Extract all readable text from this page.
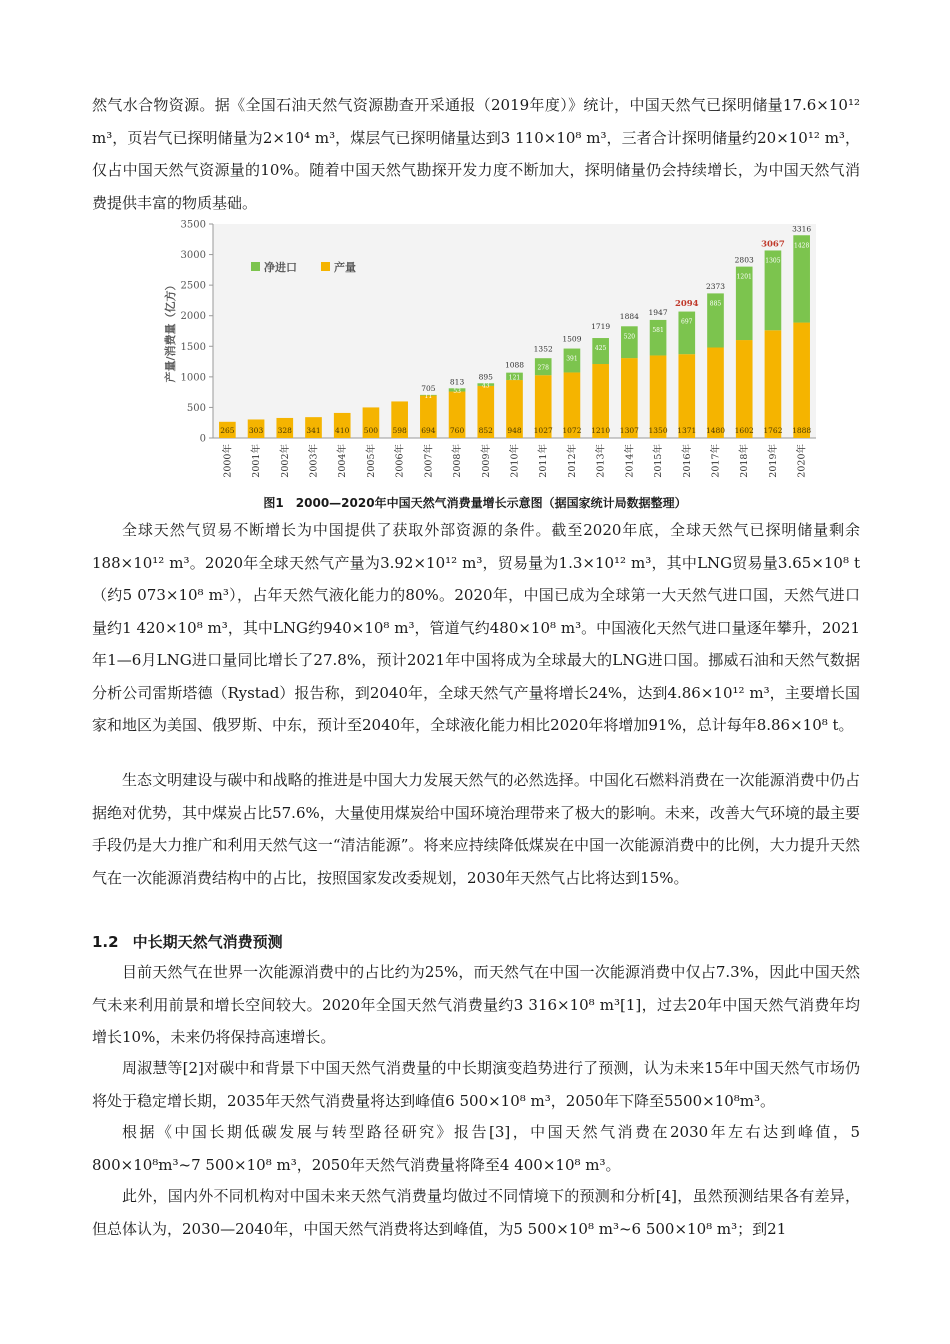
然气水合物资源。据《全国石油天然气资源勘查开采通报（2019年度）》统计，中国天然气已探明储量17.6×10¹² m³，页岩气已探明储量为2×10⁴ m³，煤层气已探明储量达到3 110×10⁸ m³，三者合计探明储量约20×10¹² m³，仅占中国天然气资源量的10%。随着中国天然气勘探开发力度不断加大，探明储量仍会持续增长，为中国天然气消费提供丰富的物质基础。

0
500
1000
1500
2000
2500
3000
3500
产量/消费量（亿方）
265
2000年
303
2001年
328
2002年
341
2003年
410
2004年
500
2005年
598
2006年
694
11
705
2007年
760
53
813
2008年
852
43
895
2009年
948
121
1088
2010年
1027
278
1352
2011年
1072
391
1509
2012年
1210
425
1719
2013年
1307
520
1884
2014年
1350
581
1947
2015年
1371
697
2094
2016年
1480
885
2373
2017年
1602
1201
2803
2018年
1762
1305
3067
2019年
1888
1428
3316
2020年
净进口	产量
图1 2000—2020年中国天然气消费量增长示意图（据国家统计局数据整理）

全球天然气贸易不断增长为中国提供了获取外部资源的条件。截至2020年底，全球天然气已探明储量剩余188×10¹² m³。2020年全球天然气产量为3.92×10¹² m³，贸易量为1.3×10¹² m³，其中LNG贸易量3.65×10⁸ t（约5 073×10⁸ m³），占年天然气液化能力的80%。2020年，中国已成为全球第一大天然气进口国，天然气进口量约1 420×10⁸ m³，其中LNG约940×10⁸ m³，管道气约480×10⁸ m³。中国液化天然气进口量逐年攀升，2021年1—6月LNG进口量同比增长了27.8%，预计2021年中国将成为全球最大的LNG进口国。挪威石油和天然气数据分析公司雷斯塔德（Rystad）报告称，到2040年，全球天然气产量将增长24%，达到4.86×10¹² m³，主要增长国家和地区为美国、俄罗斯、中东，预计至2040年，全球液化能力相比2020年将增加91%，总计每年8.86×10⁸ t。

生态文明建设与碳中和战略的推进是中国大力发展天然气的必然选择。中国化石燃料消费在一次能源消费中仍占据绝对优势，其中煤炭占比57.6%，大量使用煤炭给中国环境治理带来了极大的影响。未来，改善大气环境的最主要手段仍是大力推广和利用天然气这一“清洁能源”。将来应持续降低煤炭在中国一次能源消费中的比例，大力提升天然气在一次能源消费结构中的占比，按照国家发改委规划，2030年天然气占比将达到15%。

1.2 中长期天然气消费预测

目前天然气在世界一次能源消费中的占比约为25%，而天然气在中国一次能源消费中仅占7.3%，因此中国天然气未来利用前景和增长空间较大。2020年全国天然气消费量约3 316×10⁸ m³[1]，过去20年中国天然气消费年均增长10%，未来仍将保持高速增长。

周淑慧等[2]对碳中和背景下中国天然气消费量的中长期演变趋势进行了预测，认为未来15年中国天然气市场仍将处于稳定增长期，2035年天然气消费量将达到峰值6 500×10⁸ m³，2050年下降至5500×10⁸m³。

根据《中国长期低碳发展与转型路径研究》报告[3]，中国天然气消费在2030年左右达到峰值，5 800×10⁸m³~7 500×10⁸ m³，2050年天然气消费量将降至4 400×10⁸ m³。

此外，国内外不同机构对中国未来天然气消费量均做过不同情境下的预测和分析[4]，虽然预测结果各有差异，但总体认为，2030—2040年，中国天然气消费将达到峰值，为5 500×10⁸ m³~6 500×10⁸ m³；到21
